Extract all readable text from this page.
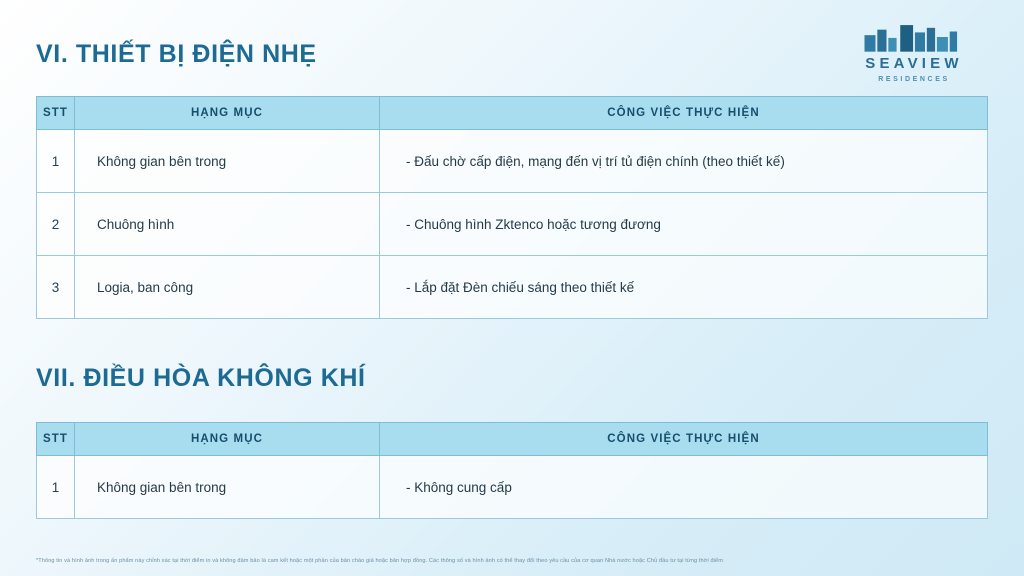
SEAVIEW
RESIDENCES
VI. THIẾT BỊ ĐIỆN NHẸ
STT	HẠNG MỤC	CÔNG VIỆC THỰC HIỆN
1	Không gian bên trong	- Đấu chờ cấp điện, mạng đến vị trí tủ điện chính (theo thiết kế)
2	Chuông hình	- Chuông hình Zktenco hoặc tương đương
3	Logia, ban công	- Lắp đặt Đèn chiếu sáng theo thiết kế
VII. ĐIỀU HÒA KHÔNG KHÍ
STT	HẠNG MỤC	CÔNG VIỆC THỰC HIỆN
1	Không gian bên trong	- Không cung cấp
*Thông tin và hình ảnh trong ấn phẩm này chỉnh xác tại thời điểm in và không đảm bảo là cam kết hoặc một phần của bản chào giá hoặc bản hợp đồng. Các thông số và hình ảnh có thể thay đổi theo yêu cầu của cơ quan Nhà nước hoặc Chủ đầu tư tại từng thời điểm
